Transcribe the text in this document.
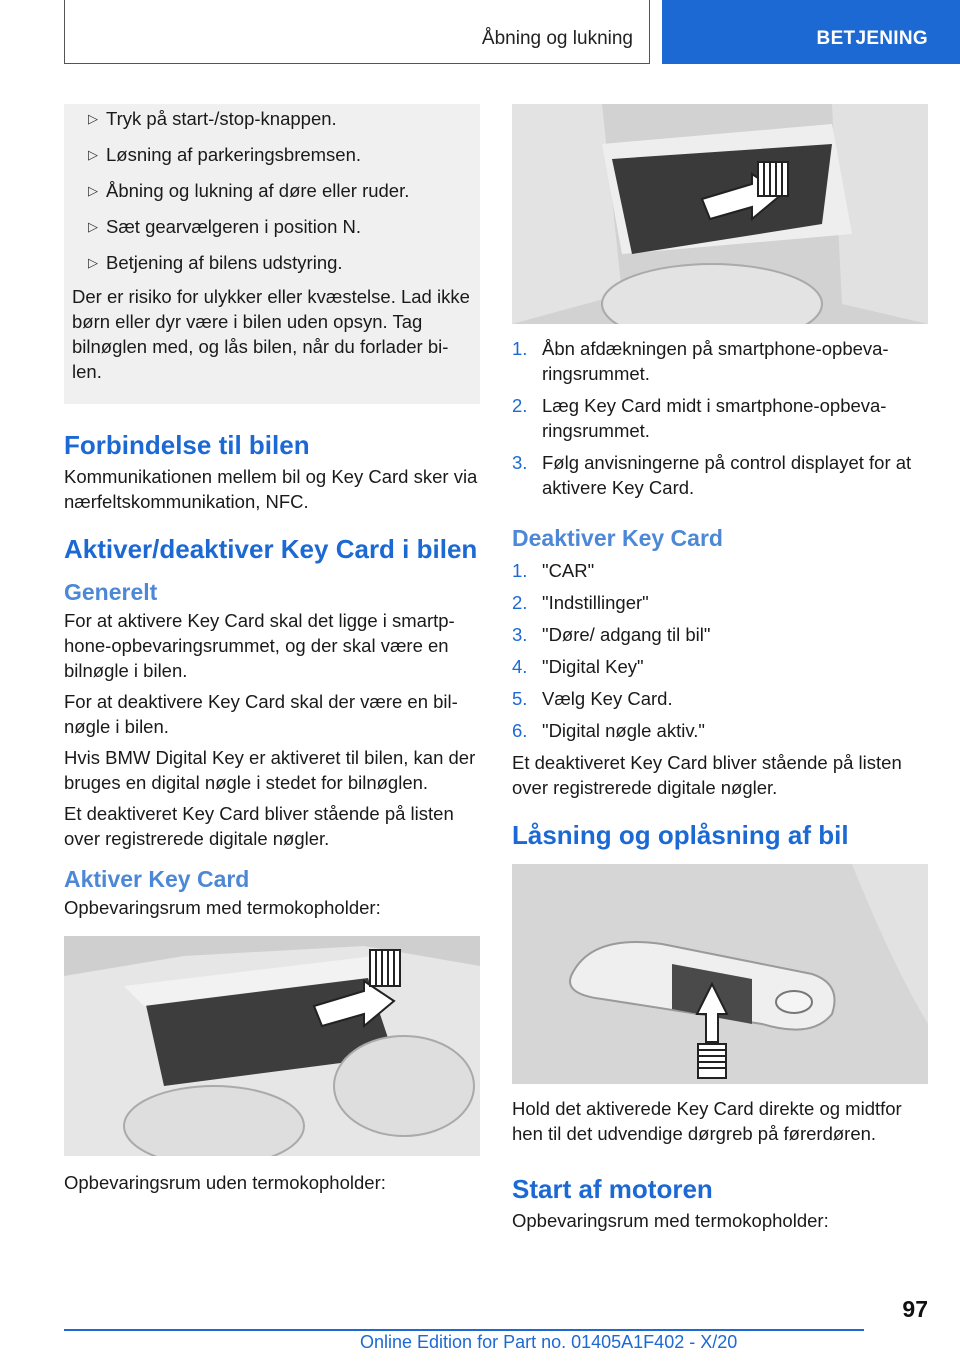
Åbning og lukning	BETJENING
▷ Tryk på start-/stop-knappen.
▷ Løsning af parkeringsbremsen.
▷ Åbning og lukning af døre eller ruder.
▷ Sæt gearvælgeren i position N.
▷ Betjening af bilens udstyring.
Der er risiko for ulykker eller kvæstelse. Lad ikke børn eller dyr være i bilen uden opsyn. Tag bilnøglen med, og lås bilen, når du forlader bi-len.
Forbindelse til bilen
Kommunikationen mellem bil og Key Card sker via nærfeltskommunikation, NFC.
Aktiver/deaktiver Key Card i bilen
Generelt
For at aktivere Key Card skal det ligge i smartp-hone-opbevaringsrummet, og der skal være en bilnøgle i bilen.
For at deaktivere Key Card skal der være en bil-nøgle i bilen.
Hvis BMW Digital Key er aktiveret til bilen, kan der bruges en digital nøgle i stedet for bilnøglen.
Et deaktiveret Key Card bliver stående på listen over registrerede digitale nøgler.
Aktiver Key Card
Opbevaringsrum med termokopholder:
Opbevaringsrum uden termokopholder:
1. Åbn afdækningen på smartphone-opbeva-ringsrummet.
2. Læg Key Card midt i smartphone-opbeva-ringsrummet.
3. Følg anvisningerne på control displayet for at aktivere Key Card.
Deaktiver Key Card
1. "CAR"
2. "Indstillinger"
3. "Døre/ adgang til bil"
4. "Digital Key"
5. Vælg Key Card.
6. "Digital nøgle aktiv."
Et deaktiveret Key Card bliver stående på listen over registrerede digitale nøgler.
Låsning og oplåsning af bil
Hold det aktiverede Key Card direkte og midtfor hen til det udvendige dørgreb på førerdøren.
Start af motoren
Opbevaringsrum med termokopholder:
97
Online Edition for Part no. 01405A1F402 - X/20
